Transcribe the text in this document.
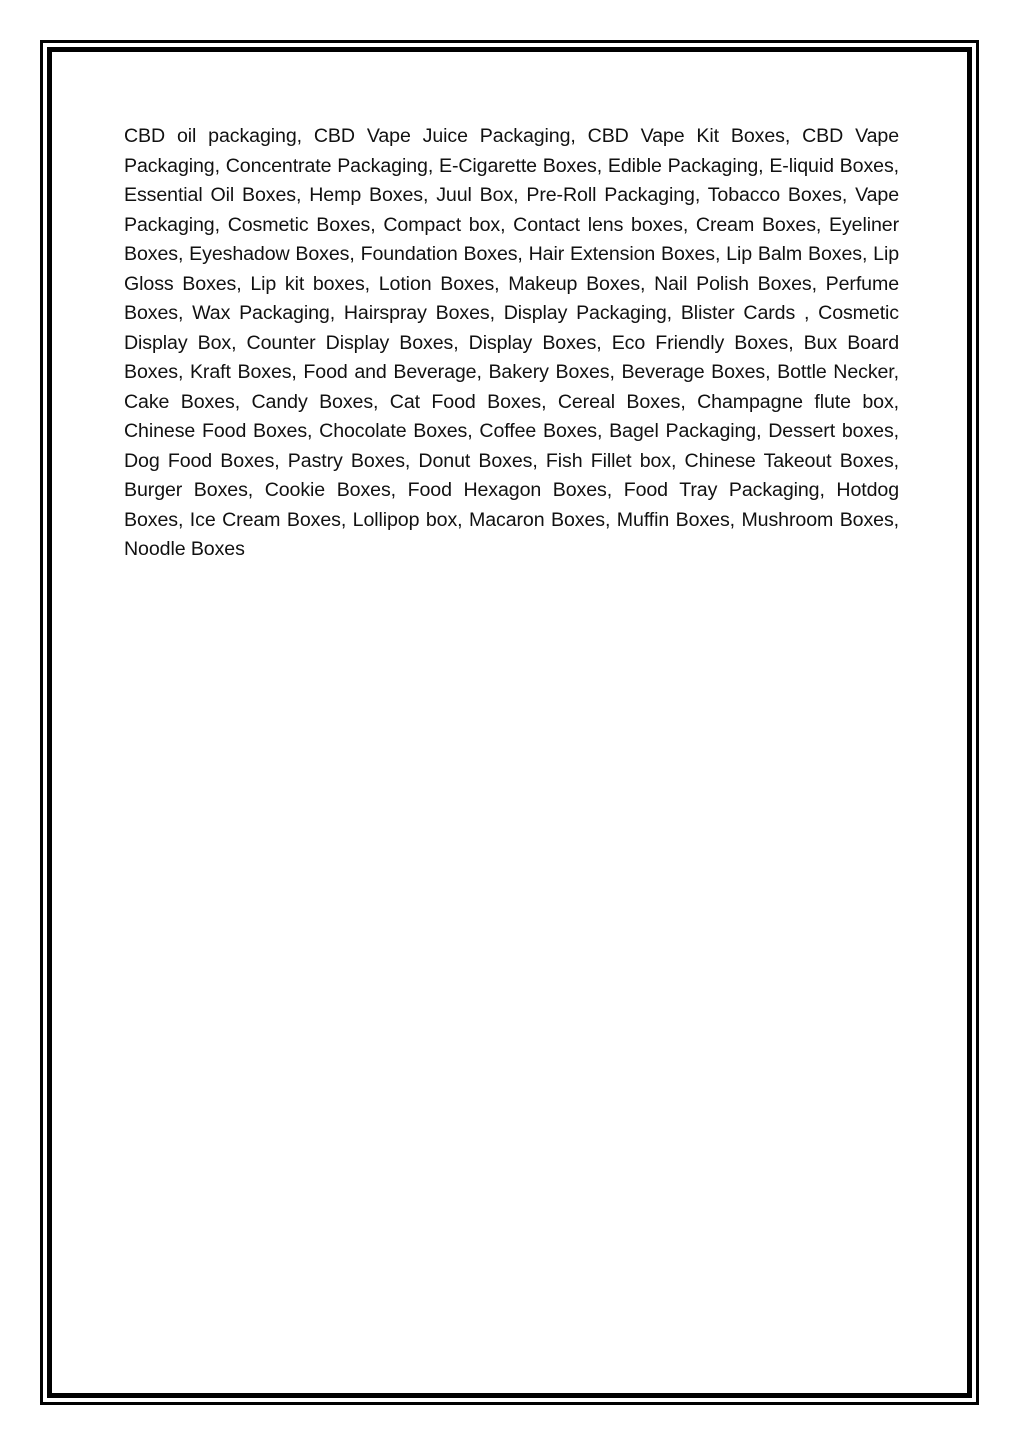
CBD oil packaging, CBD Vape Juice Packaging, CBD Vape Kit Boxes, CBD Vape Packaging, Concentrate Packaging, E-Cigarette Boxes, Edible Packaging, E-liquid Boxes, Essential Oil Boxes, Hemp Boxes, Juul Box, Pre-Roll Packaging, Tobacco Boxes, Vape Packaging, Cosmetic Boxes, Compact box, Contact lens boxes, Cream Boxes, Eyeliner Boxes, Eyeshadow Boxes, Foundation Boxes, Hair Extension Boxes, Lip Balm Boxes, Lip Gloss Boxes, Lip kit boxes, Lotion Boxes, Makeup Boxes, Nail Polish Boxes, Perfume Boxes, Wax Packaging, Hairspray Boxes, Display Packaging, Blister Cards , Cosmetic Display Box, Counter Display Boxes, Display Boxes, Eco Friendly Boxes, Bux Board Boxes, Kraft Boxes, Food and Beverage, Bakery Boxes, Beverage Boxes, Bottle Necker, Cake Boxes, Candy Boxes, Cat Food Boxes, Cereal Boxes, Champagne flute box, Chinese Food Boxes, Chocolate Boxes, Coffee Boxes, Bagel Packaging, Dessert boxes, Dog Food Boxes, Pastry Boxes, Donut Boxes, Fish Fillet box, Chinese Takeout Boxes, Burger Boxes, Cookie Boxes, Food Hexagon Boxes, Food Tray Packaging, Hotdog Boxes, Ice Cream Boxes, Lollipop box, Macaron Boxes, Muffin Boxes, Mushroom Boxes, Noodle Boxes
